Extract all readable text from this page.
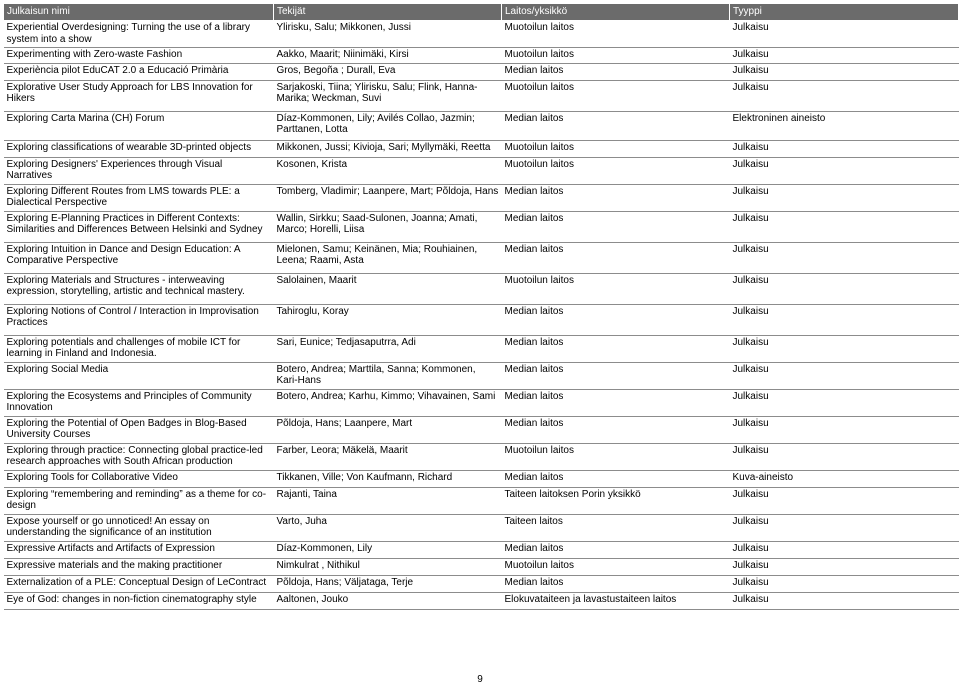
Julkaisun nimi	Tekijät	Laitos/yksikkö	Tyyppi
Experiential Overdesigning: Turning the use of a library system into a show	Ylirisku, Salu; Mikkonen, Jussi	Muotoilun laitos	Julkaisu
Experimenting with Zero-waste Fashion	Aakko, Maarit; Niinimäki, Kirsi	Muotoilun laitos	Julkaisu
Experiència pilot EduCAT 2.0 a Educació Primària	Gros, Begoña ; Durall, Eva	Median laitos	Julkaisu
Explorative User Study Approach for LBS Innovation for Hikers	Sarjakoski, Tiina; Ylirisku, Salu; Flink, Hanna-Marika; Weckman, Suvi	Muotoilun laitos	Julkaisu
Exploring Carta Marina (CH) Forum	Díaz-Kommonen, Lily; Avilés Collao, Jazmin; Parttanen, Lotta	Median laitos	Elektroninen aineisto
Exploring classifications of wearable 3D-printed objects	Mikkonen, Jussi; Kivioja, Sari; Myllymäki, Reetta	Muotoilun laitos	Julkaisu
Exploring Designers' Experiences through Visual Narratives	Kosonen, Krista	Muotoilun laitos	Julkaisu
Exploring Different Routes from LMS towards PLE: a Dialectical Perspective	Tomberg, Vladimir; Laanpere, Mart; Põldoja, Hans	Median laitos	Julkaisu
Exploring E-Planning Practices in Different Contexts: Similarities and Differences Between Helsinki and Sydney	Wallin, Sirkku; Saad-Sulonen, Joanna; Amati, Marco; Horelli, Liisa	Median laitos	Julkaisu
Exploring Intuition in Dance and Design Education: A Comparative Perspective	Mielonen, Samu; Keinänen, Mia; Rouhiainen, Leena; Raami, Asta	Median laitos	Julkaisu
Exploring Materials and Structures - interweaving expression, storytelling, artistic and technical mastery.	Salolainen, Maarit	Muotoilun laitos	Julkaisu
Exploring Notions of Control / Interaction in Improvisation Practices	Tahiroglu, Koray	Median laitos	Julkaisu
Exploring potentials and challenges of mobile ICT for learning in Finland and Indonesia.	Sari, Eunice; Tedjasaputrra, Adi	Median laitos	Julkaisu
Exploring Social Media	Botero, Andrea; Marttila, Sanna; Kommonen, Kari-Hans	Median laitos	Julkaisu
Exploring the Ecosystems and Principles of Community Innovation	Botero, Andrea; Karhu, Kimmo; Vihavainen, Sami	Median laitos	Julkaisu
Exploring the Potential of Open Badges in Blog-Based University Courses	Põldoja, Hans; Laanpere, Mart	Median laitos	Julkaisu
Exploring through practice: Connecting global practice-led research approaches with South African production	Farber, Leora; Mäkelä, Maarit	Muotoilun laitos	Julkaisu
Exploring Tools for Collaborative Video	Tikkanen, Ville; Von Kaufmann, Richard	Median laitos	Kuva-aineisto
Exploring “remembering and reminding” as a theme for co-design	Rajanti, Taina	Taiteen laitoksen Porin yksikkö	Julkaisu
Expose yourself or go unnoticed! An essay on understanding the significance of an institution	Varto, Juha	Taiteen laitos	Julkaisu
Expressive Artifacts and Artifacts of Expression	Díaz-Kommonen, Lily	Median laitos	Julkaisu
Expressive materials and the making practitioner	Nimkulrat , Nithikul	Muotoilun laitos	Julkaisu
Externalization of a PLE: Conceptual Design of LeContract	Põldoja, Hans; Väljataga, Terje	Median laitos	Julkaisu
Eye of God: changes in non-fiction cinematography style	Aaltonen, Jouko	Elokuvataiteen ja lavastustaiteen laitos	Julkaisu
9
